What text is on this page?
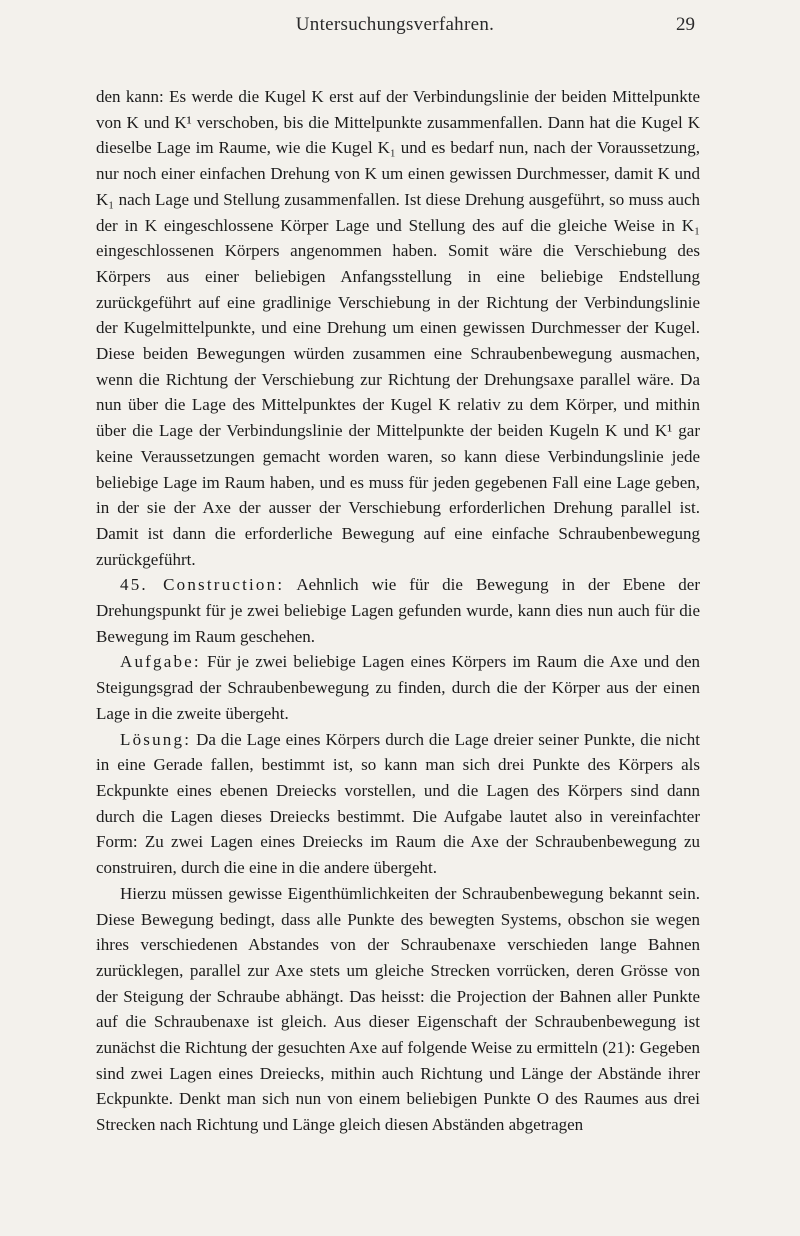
Untersuchungsverfahren.	29

den kann: Es werde die Kugel K erst auf der Verbindungslinie der beiden Mittelpunkte von K und K¹ verschoben, bis die Mittelpunkte zusammenfallen. Dann hat die Kugel K dieselbe Lage im Raume, wie die Kugel K₁ und es bedarf nun, nach der Voraussetzung, nur noch einer einfachen Drehung von K um einen gewissen Durchmesser, damit K und K₁ nach Lage und Stellung zusammenfallen. Ist diese Drehung ausgeführt, so muss auch der in K eingeschlossene Körper Lage und Stellung des auf die gleiche Weise in K₁ eingeschlossenen Körpers angenommen haben. Somit wäre die Verschiebung des Körpers aus einer beliebigen Anfangsstellung in eine beliebige Endstellung zurückgeführt auf eine gradlinige Verschiebung in der Richtung der Verbindungslinie der Kugelmittelpunkte, und eine Drehung um einen gewissen Durchmesser der Kugel. Diese beiden Bewegungen würden zusammen eine Schraubenbewegung ausmachen, wenn die Richtung der Verschiebung zur Richtung der Drehungsaxe parallel wäre. Da nun über die Lage des Mittelpunktes der Kugel K relativ zu dem Körper, und mithin über die Lage der Verbindungslinie der Mittelpunkte der beiden Kugeln K und K¹ gar keine Veraussetzungen gemacht worden waren, so kann diese Verbindungslinie jede beliebige Lage im Raum haben, und es muss für jeden gegebenen Fall eine Lage geben, in der sie der Axe der ausser der Verschiebung erforderlichen Drehung parallel ist. Damit ist dann die erforderliche Bewegung auf eine einfache Schraubenbewegung zurückgeführt.

45. Construction: Aehnlich wie für die Bewegung in der Ebene der Drehungspunkt für je zwei beliebige Lagen gefunden wurde, kann dies nun auch für die Bewegung im Raum geschehen.

Aufgabe: Für je zwei beliebige Lagen eines Körpers im Raum die Axe und den Steigungsgrad der Schraubenbewegung zu finden, durch die der Körper aus der einen Lage in die zweite übergeht.

Lösung: Da die Lage eines Körpers durch die Lage dreier seiner Punkte, die nicht in eine Gerade fallen, bestimmt ist, so kann man sich drei Punkte des Körpers als Eckpunkte eines ebenen Dreiecks vorstellen, und die Lagen des Körpers sind dann durch die Lagen dieses Dreiecks bestimmt. Die Aufgabe lautet also in vereinfachter Form: Zu zwei Lagen eines Dreiecks im Raum die Axe der Schraubenbewegung zu construiren, durch die eine in die andere übergeht.

Hierzu müssen gewisse Eigenthümlichkeiten der Schraubenbewegung bekannt sein. Diese Bewegung bedingt, dass alle Punkte des bewegten Systems, obschon sie wegen ihres verschiedenen Abstandes von der Schraubenaxe verschieden lange Bahnen zurücklegen, parallel zur Axe stets um gleiche Strecken vorrücken, deren Grösse von der Steigung der Schraube abhängt. Das heisst: die Projection der Bahnen aller Punkte auf die Schraubenaxe ist gleich. Aus dieser Eigenschaft der Schraubenbewegung ist zunächst die Richtung der gesuchten Axe auf folgende Weise zu ermitteln (21): Gegeben sind zwei Lagen eines Dreiecks, mithin auch Richtung und Länge der Abstände ihrer Eckpunkte. Denkt man sich nun von einem beliebigen Punkte O des Raumes aus drei Strecken nach Richtung und Länge gleich diesen Abständen abgetragen
